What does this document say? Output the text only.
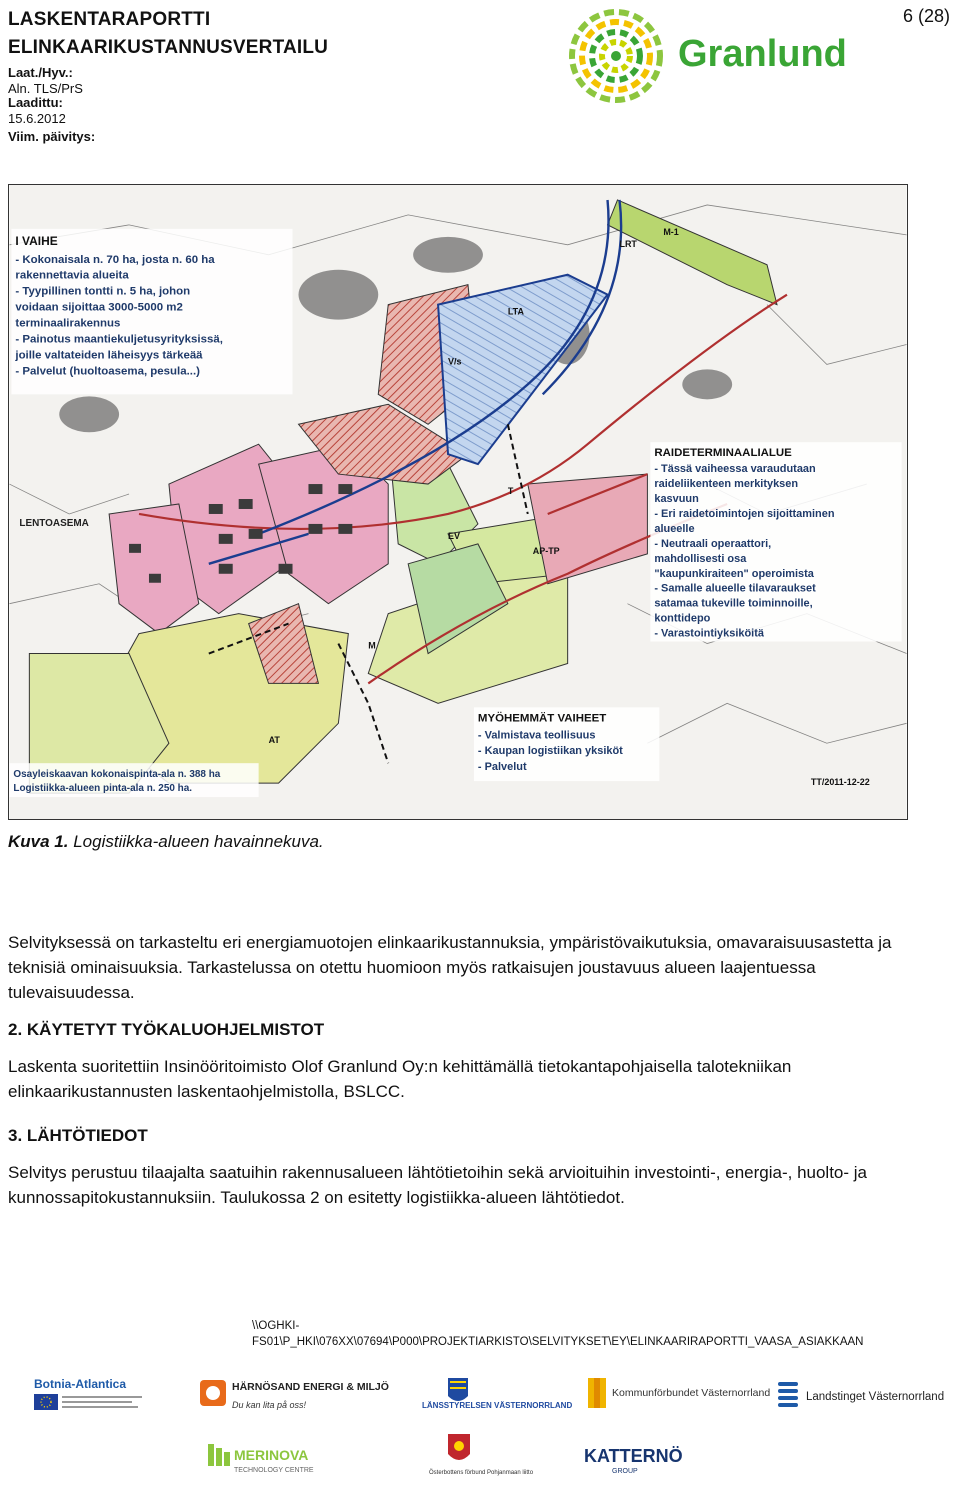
LASKENTARAPORTTI
ELINKAARIKUSTANNUSVERTAILU
Laat./Hyv.:
Aln. TLS/PrS
Laadittu:
15.6.2012
Viim. päivitys:
6 (28)
Granlund
M-1
LRT
LTA
V/s
EV
AP-TP
M
AT
T
LENTOASEMA
I VAIHE
- Kokonaisala n. 70 ha, josta n. 60 ha
rakennettavia alueita
- Tyypillinen tontti n. 5 ha, johon
voidaan sijoittaa 3000-5000 m2
terminaalirakennus
- Painotus maantiekuljetusyrityksissä,
joille valtateiden läheisyys tärkeää
- Palvelut (huoltoasema, pesula...)
RAIDETERMINAALIALUE
- Tässä vaiheessa varaudutaan
raideliikenteen merkityksen
kasvuun
- Eri raidetoimintojen sijoittaminen
alueelle
- Neutraali operaattori,
mahdollisesti osa
"kaupunkiraiteen" operoimista
- Samalle alueelle tilavaraukset
satamaa tukeville toiminnoille,
konttidepo
- Varastointiyksiköitä
MYÖHEMMÄT VAIHEET
- Valmistava teollisuus
- Kaupan logistiikan yksiköt
- Palvelut
Osayleiskaavan kokonaispinta-ala n. 388 ha
Logistiikka-alueen pinta-ala n. 250 ha.
TT/2011-12-22
Kuva 1. Logistiikka-alueen havainnekuva.
Selvityksessä on tarkasteltu eri energiamuotojen elinkaarikustannuksia, ympäristövaikutuksia, omavaraisuusastetta ja teknisiä ominaisuuksia. Tarkastelussa on otettu huomioon myös ratkaisujen joustavuus alueen laajentuessa tulevaisuudessa.
2. KÄYTETYT TYÖKALUOHJELMISTOT
Laskenta suoritettiin Insinööritoimisto Olof Granlund Oy:n kehittämällä tietokantapohjaisella talotekniikan elinkaarikustannusten laskentaohjelmistolla, BSLCC.
3. LÄHTÖTIEDOT
Selvitys perustuu tilaajalta saatuihin rakennusalueen lähtötietoihin sekä arvioituihin investointi-, energia-, huolto- ja kunnossapitokustannuksiin. Taulukossa 2 on esitetty logistiikka-alueen lähtötiedot.
\\OGHKI-
FS01\P_HKI\076XX\07694\P000\PROJEKTIARKISTO\SELVITYKSET\EY\ELINKAARIRAPORTTI_VAASA_ASIAKKAAN
Botnia-Atlantica	HÄRNÖSAND ENERGI & MILJÖ
Du kan lita på oss!	LÄNSSTYRELSEN VÄSTERNORRLAND
Kommunförbundet Västernorrland	Landstinget Västernorrland
MERINOVA
TECHNOLOGY CENTRE	Österbottens förbund Pohjanmaan liitto
KATTERNÖ
GROUP
